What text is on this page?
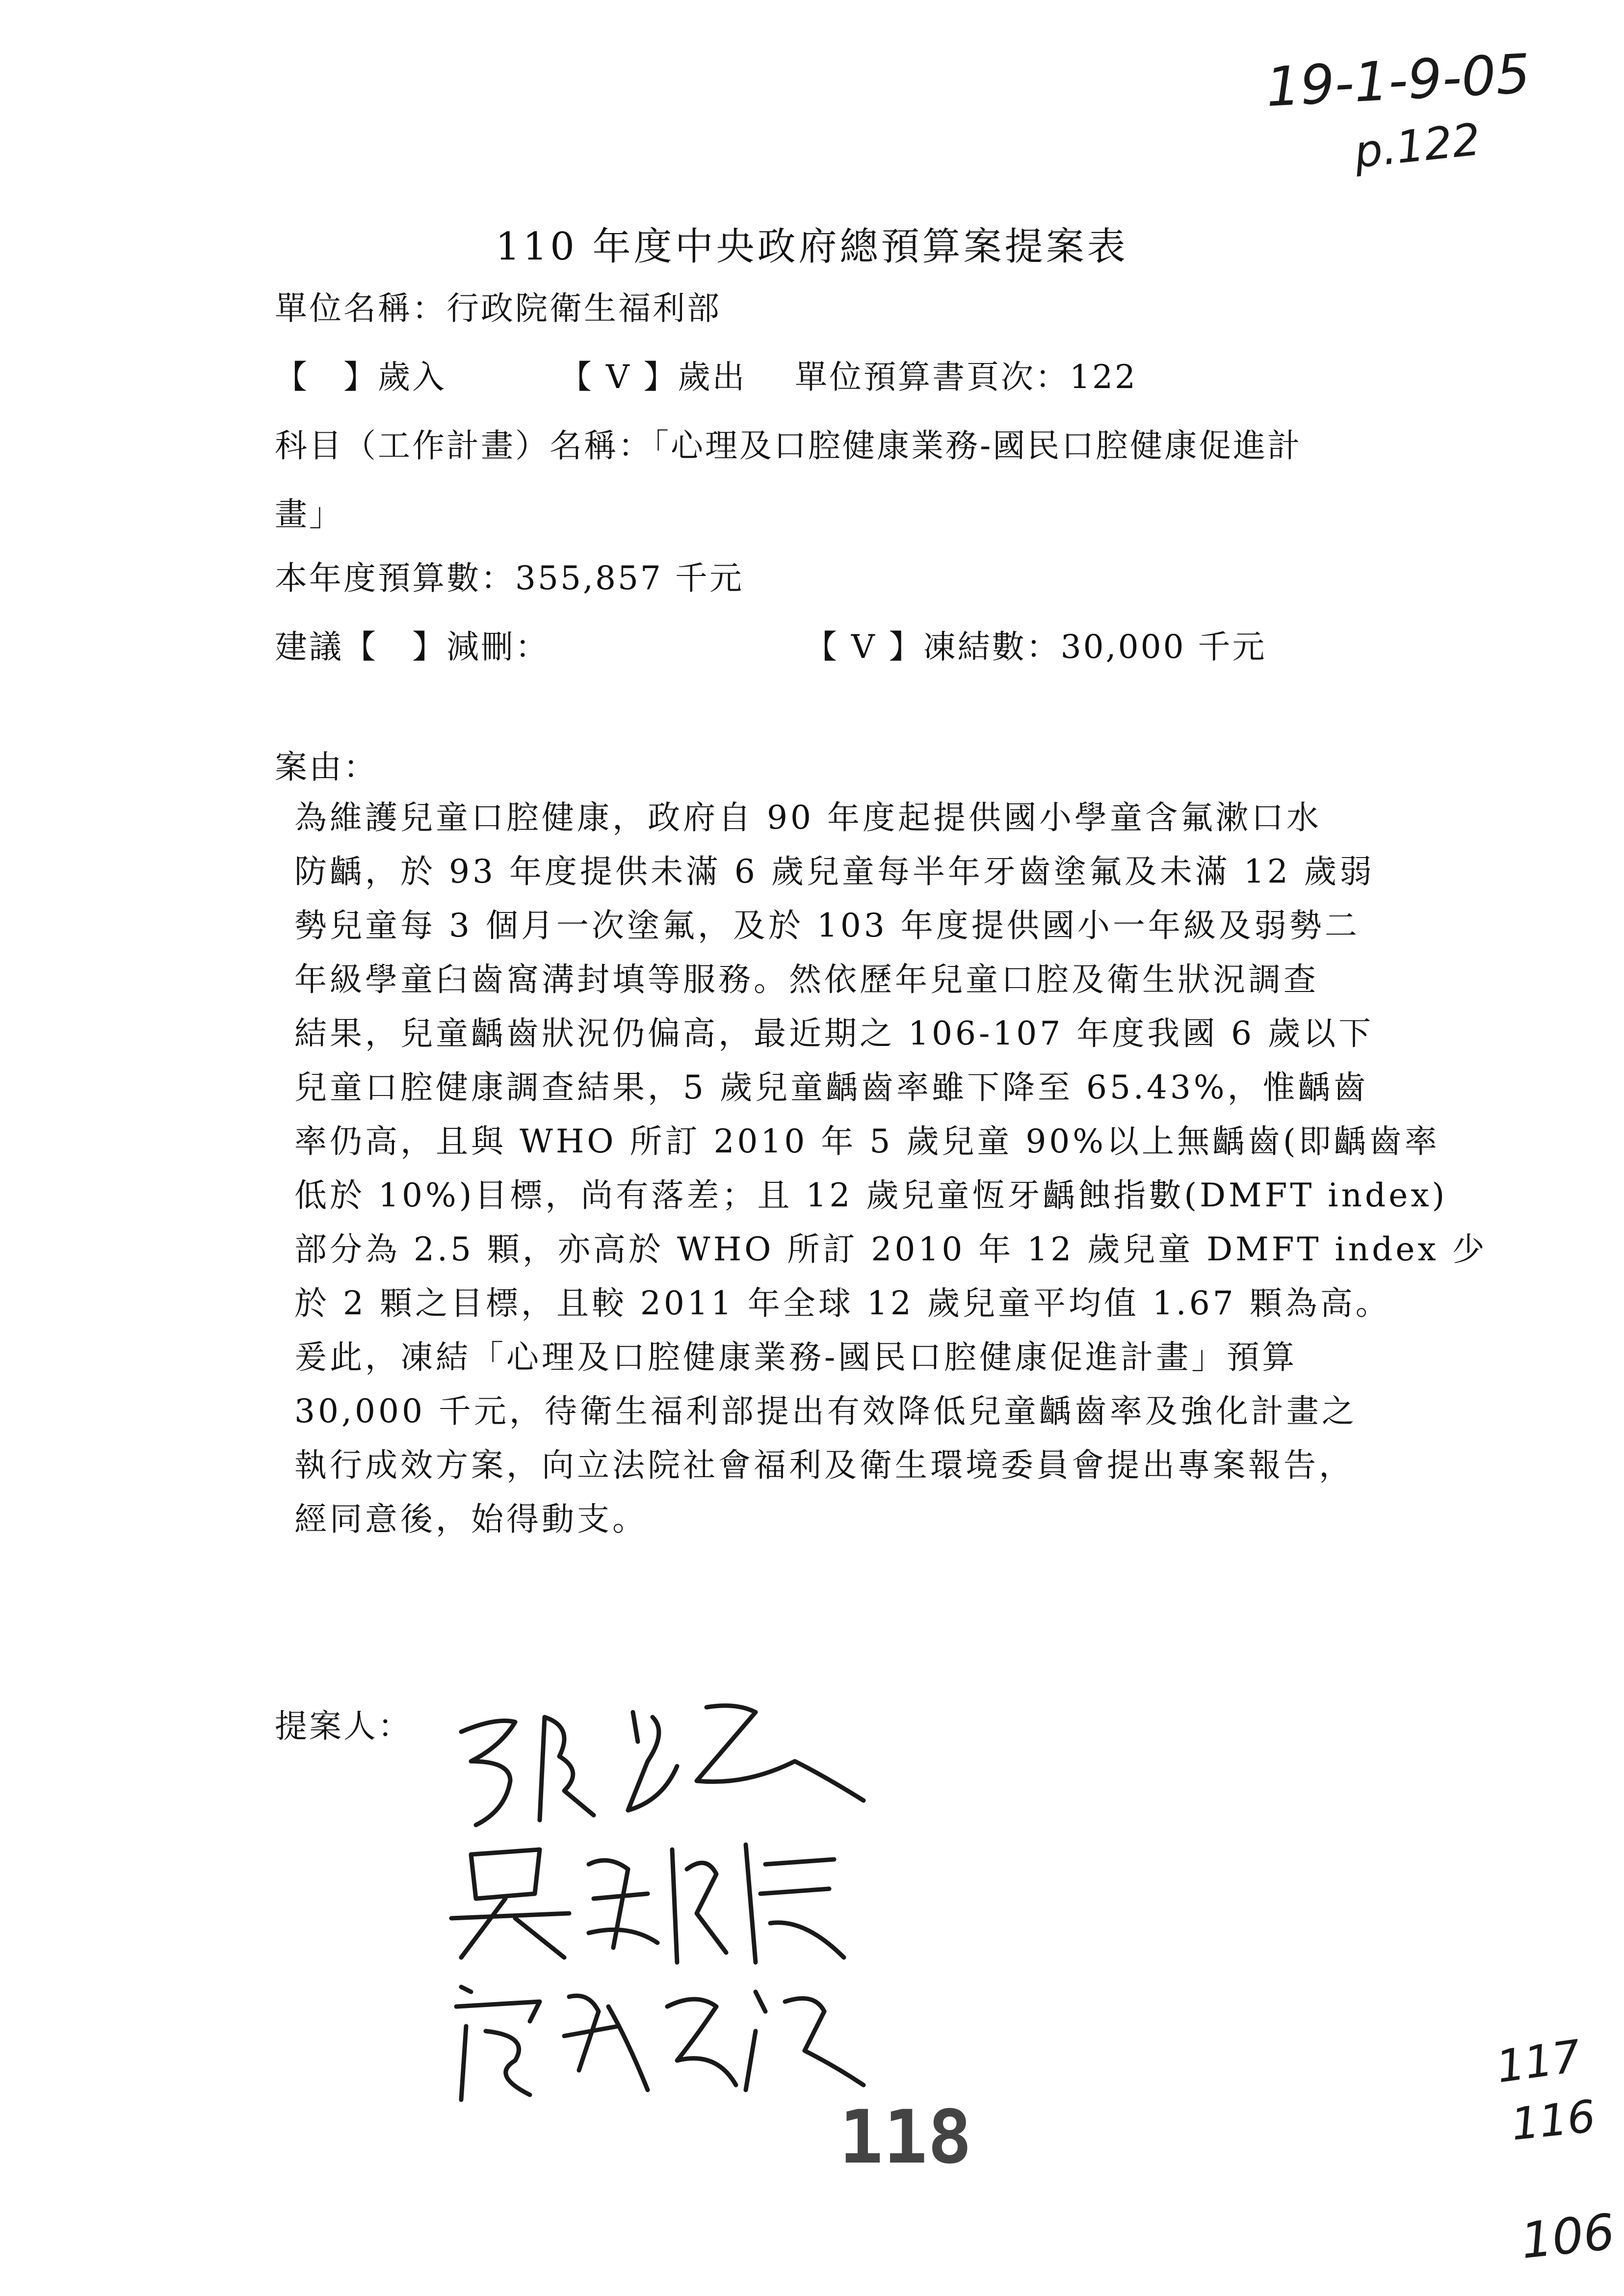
19-1-9-05
p.122
110 年度中央政府總預算案提案表
單位名稱：行政院衛生福利部
【　】歲入	【 V 】歲出 單位預算書頁次：122
科目（工作計畫）名稱：「心理及口腔健康業務-國民口腔健康促進計
畫」
本年度預算數：355,857 千元
建議【　】減刪：	【 V 】凍結數：30,000 千元
案由：
為維護兒童口腔健康，政府自 90 年度起提供國小學童含氟漱口水
防齲，於 93 年度提供未滿 6 歲兒童每半年牙齒塗氟及未滿 12 歲弱
勢兒童每 3 個月一次塗氟，及於 103 年度提供國小一年級及弱勢二
年級學童臼齒窩溝封填等服務。然依歷年兒童口腔及衛生狀況調查
結果，兒童齲齒狀況仍偏高，最近期之 106-107 年度我國 6 歲以下
兒童口腔健康調查結果，5 歲兒童齲齒率雖下降至 65.43%，惟齲齒
率仍高，且與 WHO 所訂 2010 年 5 歲兒童 90%以上無齲齒(即齲齒率
低於 10%)目標，尚有落差；且 12 歲兒童恆牙齲蝕指數(DMFT index)
部分為 2.5 顆，亦高於 WHO 所訂 2010 年 12 歲兒童 DMFT index 少
於 2 顆之目標，且較 2011 年全球 12 歲兒童平均值 1.67 顆為高。
爰此，凍結「心理及口腔健康業務-國民口腔健康促進計畫」預算
30,000 千元，待衛生福利部提出有效降低兒童齲齒率及強化計畫之
執行成效方案，向立法院社會福利及衛生環境委員會提出專案報告，
經同意後，始得動支。
提案人：
118
117
116
106
